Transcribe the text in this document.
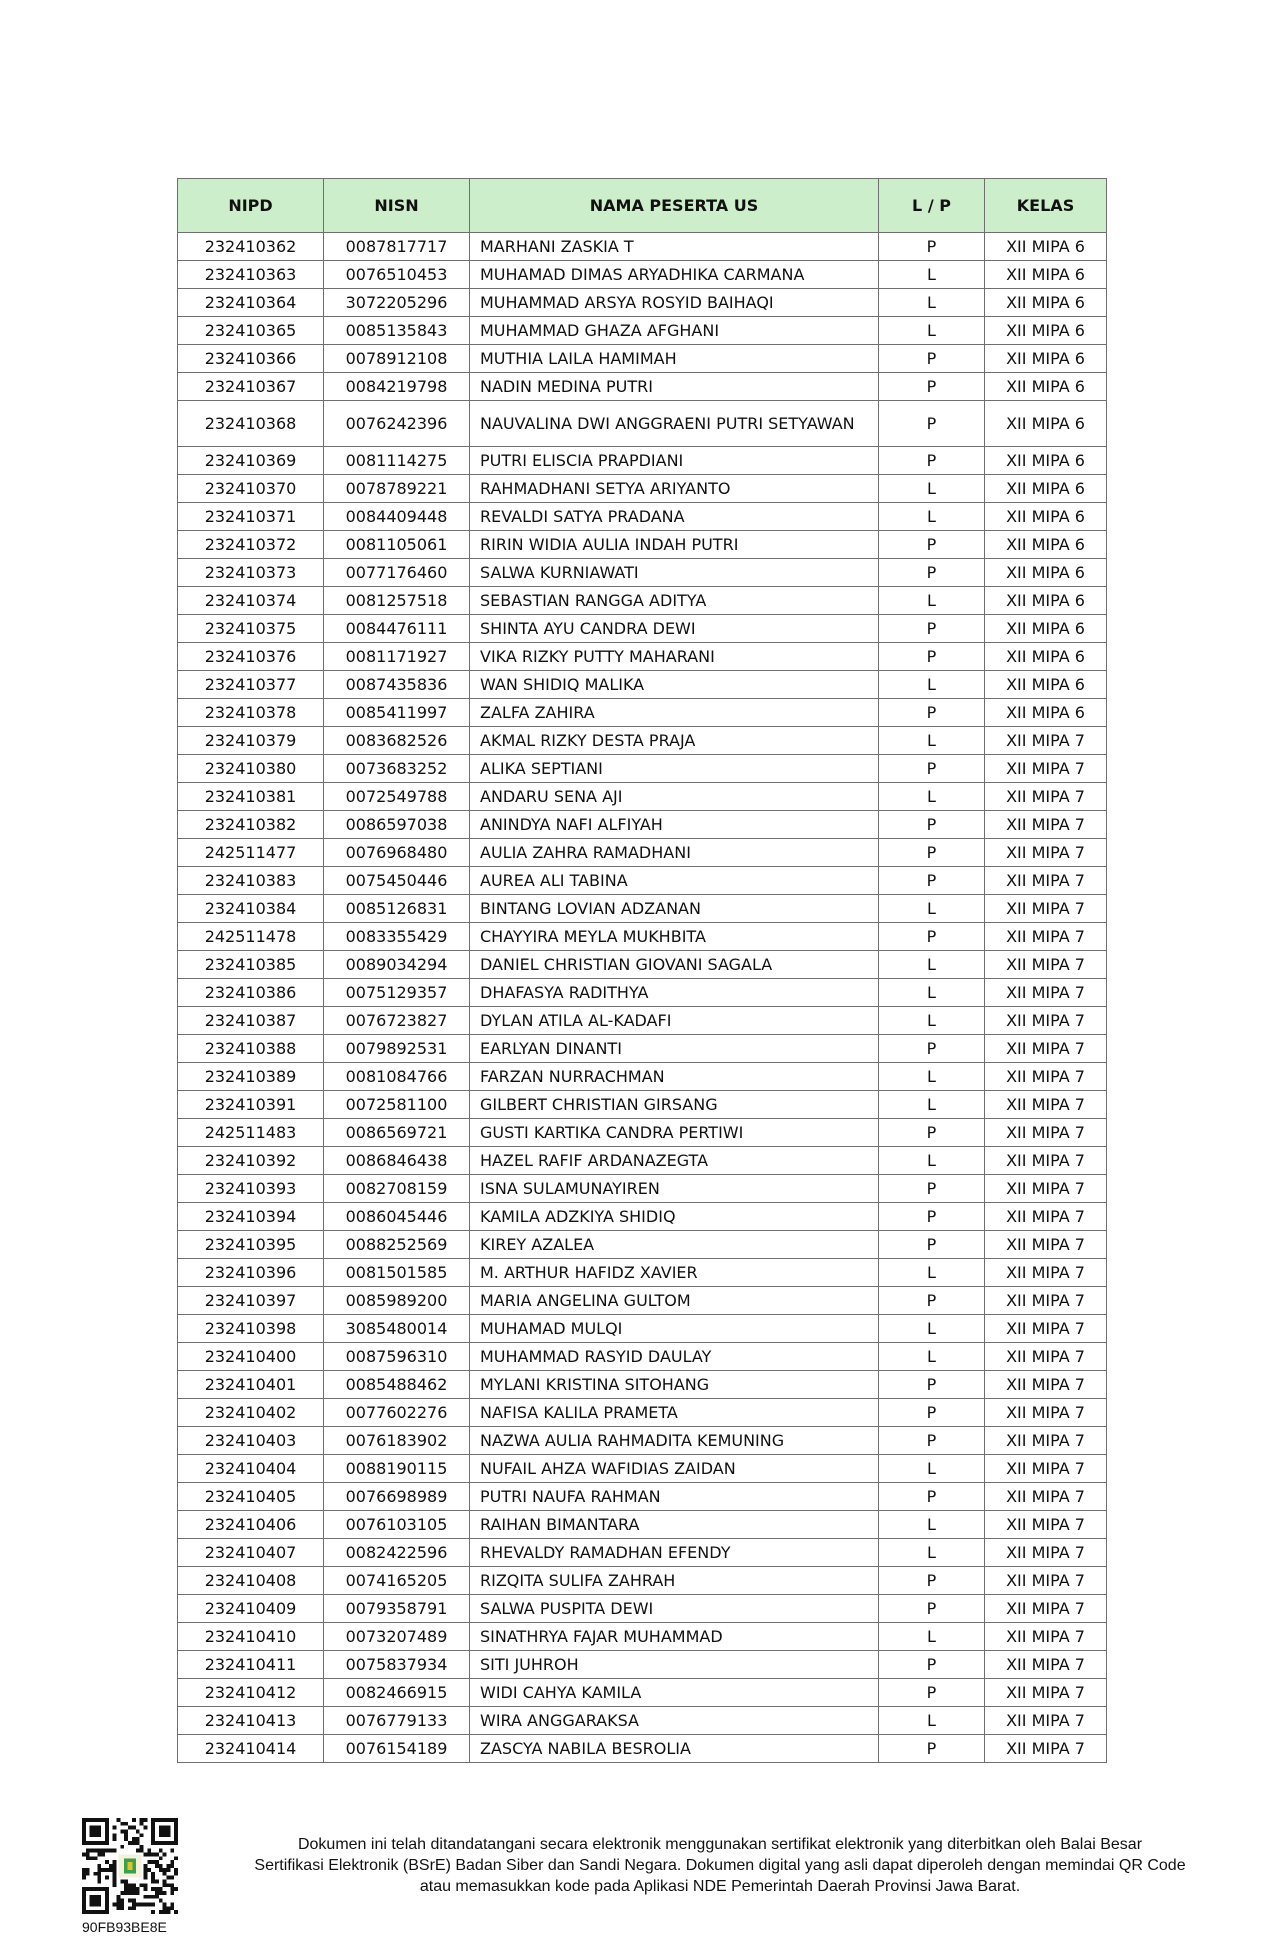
NIPD	NISN	NAMA PESERTA US	L / P	KELAS
232410362	0087817717	MARHANI ZASKIA T	P	XII MIPA 6
232410363	0076510453	MUHAMAD DIMAS ARYADHIKA CARMANA	L	XII MIPA 6
232410364	3072205296	MUHAMMAD ARSYA ROSYID BAIHAQI	L	XII MIPA 6
232410365	0085135843	MUHAMMAD GHAZA AFGHANI	L	XII MIPA 6
232410366	0078912108	MUTHIA LAILA HAMIMAH	P	XII MIPA 6
232410367	0084219798	NADIN MEDINA PUTRI	P	XII MIPA 6
232410368	0076242396	NAUVALINA DWI ANGGRAENI PUTRI SETYAWAN	P	XII MIPA 6
232410369	0081114275	PUTRI ELISCIA PRAPDIANI	P	XII MIPA 6
232410370	0078789221	RAHMADHANI SETYA ARIYANTO	L	XII MIPA 6
232410371	0084409448	REVALDI SATYA PRADANA	L	XII MIPA 6
232410372	0081105061	RIRIN WIDIA AULIA INDAH PUTRI	P	XII MIPA 6
232410373	0077176460	SALWA KURNIAWATI	P	XII MIPA 6
232410374	0081257518	SEBASTIAN RANGGA ADITYA	L	XII MIPA 6
232410375	0084476111	SHINTA AYU CANDRA DEWI	P	XII MIPA 6
232410376	0081171927	VIKA RIZKY PUTTY MAHARANI	P	XII MIPA 6
232410377	0087435836	WAN SHIDIQ MALIKA	L	XII MIPA 6
232410378	0085411997	ZALFA ZAHIRA	P	XII MIPA 6
232410379	0083682526	AKMAL RIZKY DESTA PRAJA	L	XII MIPA 7
232410380	0073683252	ALIKA SEPTIANI	P	XII MIPA 7
232410381	0072549788	ANDARU SENA AJI	L	XII MIPA 7
232410382	0086597038	ANINDYA NAFI ALFIYAH	P	XII MIPA 7
242511477	0076968480	AULIA ZAHRA RAMADHANI	P	XII MIPA 7
232410383	0075450446	AUREA ALI TABINA	P	XII MIPA 7
232410384	0085126831	BINTANG LOVIAN ADZANAN	L	XII MIPA 7
242511478	0083355429	CHAYYIRA MEYLA MUKHBITA	P	XII MIPA 7
232410385	0089034294	DANIEL CHRISTIAN GIOVANI SAGALA	L	XII MIPA 7
232410386	0075129357	DHAFASYA RADITHYA	L	XII MIPA 7
232410387	0076723827	DYLAN ATILA AL-KADAFI	L	XII MIPA 7
232410388	0079892531	EARLYAN DINANTI	P	XII MIPA 7
232410389	0081084766	FARZAN NURRACHMAN	L	XII MIPA 7
232410391	0072581100	GILBERT CHRISTIAN GIRSANG	L	XII MIPA 7
242511483	0086569721	GUSTI KARTIKA CANDRA PERTIWI	P	XII MIPA 7
232410392	0086846438	HAZEL RAFIF ARDANAZEGTA	L	XII MIPA 7
232410393	0082708159	ISNA SULAMUNAYIREN	P	XII MIPA 7
232410394	0086045446	KAMILA ADZKIYA SHIDIQ	P	XII MIPA 7
232410395	0088252569	KIREY AZALEA	P	XII MIPA 7
232410396	0081501585	M. ARTHUR HAFIDZ XAVIER	L	XII MIPA 7
232410397	0085989200	MARIA ANGELINA GULTOM	P	XII MIPA 7
232410398	3085480014	MUHAMAD MULQI	L	XII MIPA 7
232410400	0087596310	MUHAMMAD RASYID DAULAY	L	XII MIPA 7
232410401	0085488462	MYLANI KRISTINA SITOHANG	P	XII MIPA 7
232410402	0077602276	NAFISA KALILA PRAMETA	P	XII MIPA 7
232410403	0076183902	NAZWA AULIA RAHMADITA KEMUNING	P	XII MIPA 7
232410404	0088190115	NUFAIL AHZA WAFIDIAS ZAIDAN	L	XII MIPA 7
232410405	0076698989	PUTRI NAUFA RAHMAN	P	XII MIPA 7
232410406	0076103105	RAIHAN BIMANTARA	L	XII MIPA 7
232410407	0082422596	RHEVALDY RAMADHAN EFENDY	L	XII MIPA 7
232410408	0074165205	RIZQITA SULIFA ZAHRAH	P	XII MIPA 7
232410409	0079358791	SALWA PUSPITA DEWI	P	XII MIPA 7
232410410	0073207489	SINATHRYA FAJAR MUHAMMAD	L	XII MIPA 7
232410411	0075837934	SITI JUHROH	P	XII MIPA 7
232410412	0082466915	WIDI CAHYA KAMILA	P	XII MIPA 7
232410413	0076779133	WIRA ANGGARAKSA	L	XII MIPA 7
232410414	0076154189	ZASCYA NABILA BESROLIA	P	XII MIPA 7
90FB93BE8E
Dokumen ini telah ditandatangani secara elektronik menggunakan sertifikat elektronik yang diterbitkan oleh Balai Besar
Sertifikasi Elektronik (BSrE) Badan Siber dan Sandi Negara. Dokumen digital yang asli dapat diperoleh dengan memindai QR Code
atau memasukkan kode pada Aplikasi NDE Pemerintah Daerah Provinsi Jawa Barat.
